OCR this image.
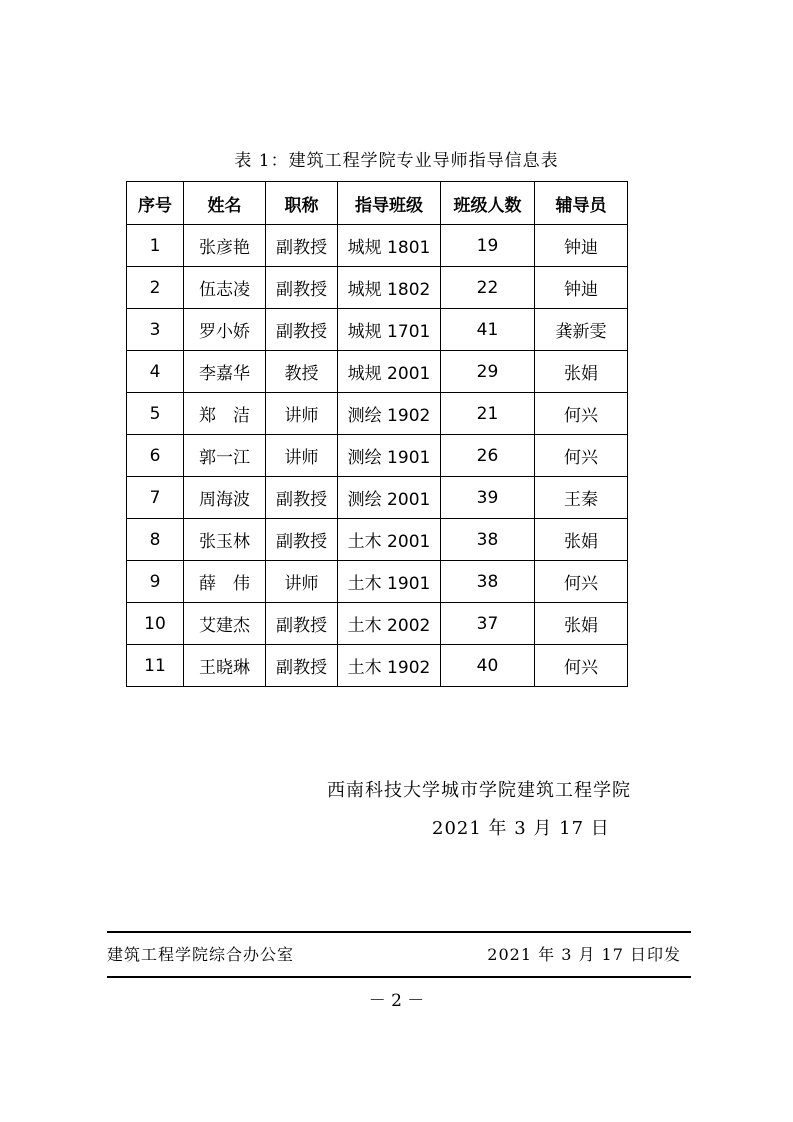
表 1：建筑工程学院专业导师指导信息表
序号	姓名	职称	指导班级	班级人数	辅导员
1	张彦艳	副教授	城规 1801	19	钟迪
2	伍志凌	副教授	城规 1802	22	钟迪
3	罗小娇	副教授	城规 1701	41	龚新雯
4	李嘉华	教授	城规 2001	29	张娟
5	郑　洁	讲师	测绘 1902	21	何兴
6	郭一江	讲师	测绘 1901	26	何兴
7	周海波	副教授	测绘 2001	39	王秦
8	张玉林	副教授	土木 2001	38	张娟
9	薛　伟	讲师	土木 1901	38	何兴
10	艾建杰	副教授	土木 2002	37	张娟
11	王晓琳	副教授	土木 1902	40	何兴
西南科技大学城市学院建筑工程学院
2021 年 3 月 17 日
建筑工程学院综合办公室	2021 年 3 月 17 日印发
－ 2 －
